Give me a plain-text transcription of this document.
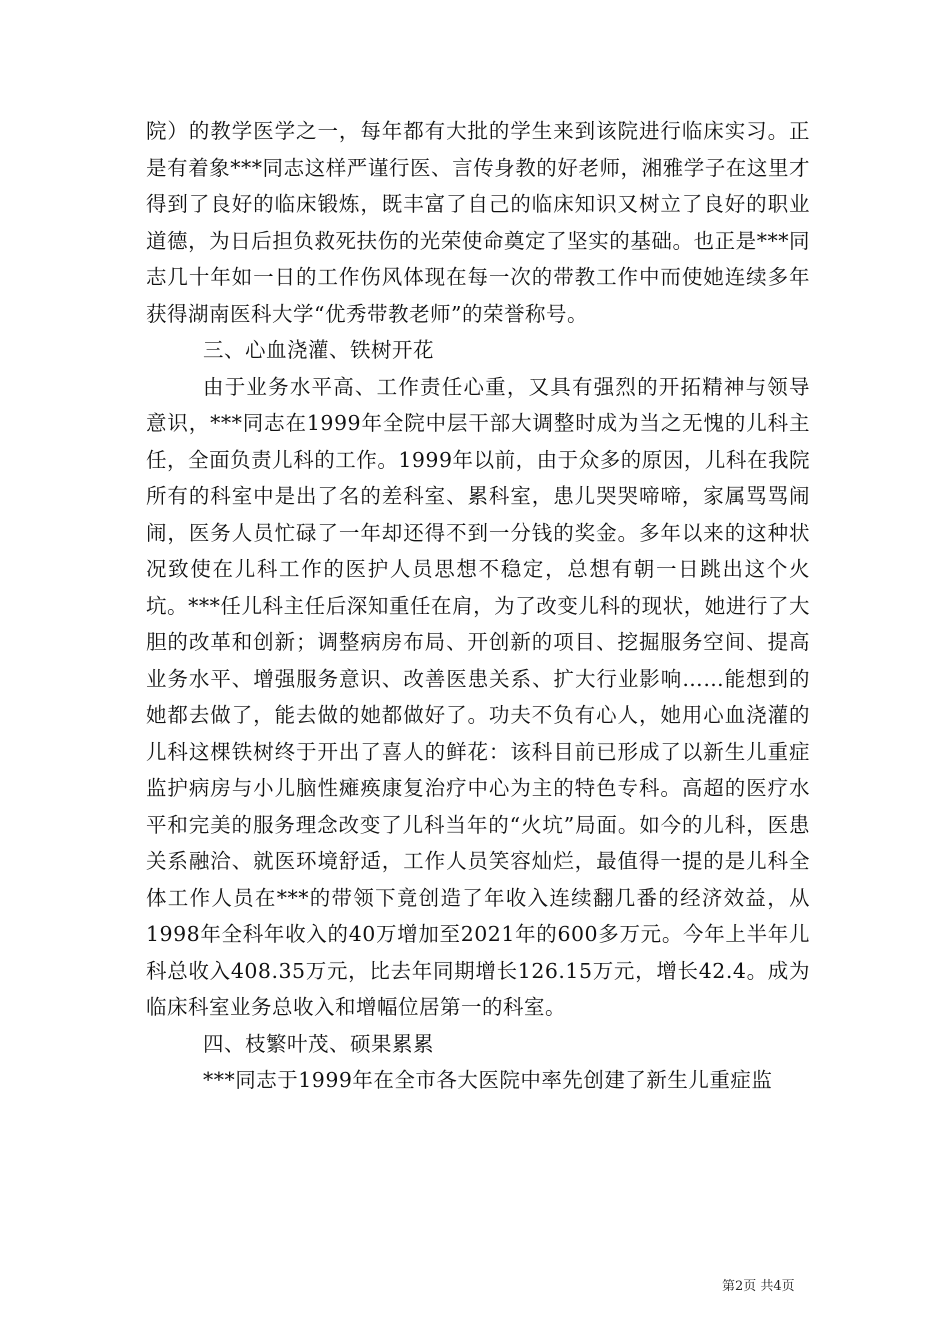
院）的教学医学之一，每年都有大批的学生来到该院进行临床实习。正是有着象***同志这样严谨行医、言传身教的好老师，湘雅学子在这里才得到了良好的临床锻炼，既丰富了自己的临床知识又树立了良好的职业道德，为日后担负救死扶伤的光荣使命奠定了坚实的基础。也正是***同志几十年如一日的工作伤风体现在每一次的带教工作中而使她连续多年获得湖南医科大学“优秀带教老师”的荣誉称号。

三、心血浇灌、铁树开花

由于业务水平高、工作责任心重，又具有强烈的开拓精神与领导意识，***同志在1999年全院中层干部大调整时成为当之无愧的儿科主任，全面负责儿科的工作。1999年以前，由于众多的原因，儿科在我院所有的科室中是出了名的差科室、累科室，患儿哭哭啼啼，家属骂骂闹闹，医务人员忙碌了一年却还得不到一分钱的奖金。多年以来的这种状况致使在儿科工作的医护人员思想不稳定，总想有朝一日跳出这个火坑。***任儿科主任后深知重任在肩，为了改变儿科的现状，她进行了大胆的改革和创新；调整病房布局、开创新的项目、挖掘服务空间、提高业务水平、增强服务意识、改善医患关系、扩大行业影响……能想到的她都去做了，能去做的她都做好了。功夫不负有心人，她用心血浇灌的儿科这棵铁树终于开出了喜人的鲜花：该科目前已形成了以新生儿重症监护病房与小儿脑性瘫痪康复治疗中心为主的特色专科。高超的医疗水平和完美的服务理念改变了儿科当年的“火坑”局面。如今的儿科，医患关系融洽、就医环境舒适，工作人员笑容灿烂，最值得一提的是儿科全体工作人员在***的带领下竟创造了年收入连续翻几番的经济效益，从1998年全科年收入的40万增加至2021年的600多万元。今年上半年儿科总收入408.35万元，比去年同期增长126.15万元，增长42.4。成为临床科室业务总收入和增幅位居第一的科室。

四、枝繁叶茂、硕果累累

***同志于1999年在全市各大医院中率先创建了新生儿重症监

第2页 共4页
